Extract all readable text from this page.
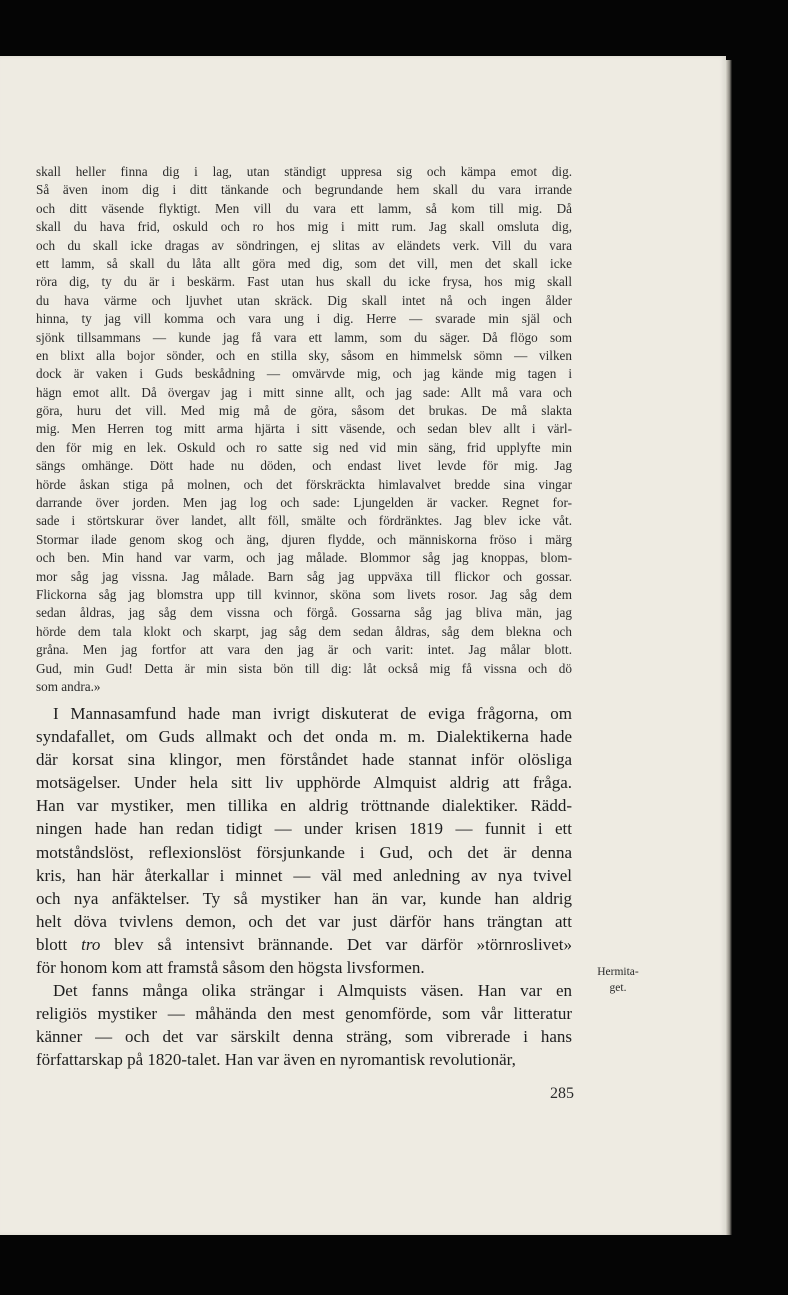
skall heller finna dig i lag, utan ständigt uppresa sig och kämpa emot dig.
Så även inom dig i ditt tänkande och begrundande hem skall du vara irrande
och ditt väsende flyktigt. Men vill du vara ett lamm, så kom till mig. Då
skall du hava frid, oskuld och ro hos mig i mitt rum. Jag skall omsluta dig,
och du skall icke dragas av söndringen, ej slitas av eländets verk. Vill du vara
ett lamm, så skall du låta allt göra med dig, som det vill, men det skall icke
röra dig, ty du är i beskärm. Fast utan hus skall du icke frysa, hos mig skall
du hava värme och ljuvhet utan skräck. Dig skall intet nå och ingen ålder
hinna, ty jag vill komma och vara ung i dig. Herre — svarade min själ och
sjönk tillsammans — kunde jag få vara ett lamm, som du säger. Då flögo som
en blixt alla bojor sönder, och en stilla sky, såsom en himmelsk sömn — vilken
dock är vaken i Guds beskådning — omvärvde mig, och jag kände mig tagen i
hägn emot allt. Då övergav jag i mitt sinne allt, och jag sade: Allt må vara och
göra, huru det vill. Med mig må de göra, såsom det brukas. De må slakta
mig. Men Herren tog mitt arma hjärta i sitt väsende, och sedan blev allt i värl-
den för mig en lek. Oskuld och ro satte sig ned vid min säng, frid upplyfte min
sängs omhänge. Dött hade nu döden, och endast livet levde för mig. Jag
hörde åskan stiga på molnen, och det förskräckta himlavalvet bredde sina vingar
darrande över jorden. Men jag log och sade: Ljungelden är vacker. Regnet for-
sade i störtskurar över landet, allt föll, smälte och fördränktes. Jag blev icke våt.
Stormar ilade genom skog och äng, djuren flydde, och människorna fröso i märg
och ben. Min hand var varm, och jag målade. Blommor såg jag knoppas, blom-
mor såg jag vissna. Jag målade. Barn såg jag uppväxa till flickor och gossar.
Flickorna såg jag blomstra upp till kvinnor, sköna som livets rosor. Jag såg dem
sedan åldras, jag såg dem vissna och förgå. Gossarna såg jag bliva män, jag
hörde dem tala klokt och skarpt, jag såg dem sedan åldras, såg dem blekna och
gråna. Men jag fortfor att vara den jag är och varit: intet. Jag målar blott.
Gud, min Gud! Detta är min sista bön till dig: låt också mig få vissna och dö
som andra.»
I Mannasamfund hade man ivrigt diskuterat de eviga frågorna, om
syndafallet, om Guds allmakt och det onda m. m. Dialektikerna hade
där korsat sina klingor, men förståndet hade stannat inför olösliga
motsägelser. Under hela sitt liv upphörde Almquist aldrig att fråga.
Han var mystiker, men tillika en aldrig tröttnande dialektiker. Rädd-
ningen hade han redan tidigt — under krisen 1819 — funnit i ett
motståndslöst, reflexionslöst försjunkande i Gud, och det är denna
kris, han här återkallar i minnet — väl med anledning av nya tvivel
och nya anfäktelser. Ty så mystiker han än var, kunde han aldrig
helt döva tvivlens demon, och det var just därför hans trängtan att
blott tro blev så intensivt brännande. Det var därför »törnroslivet»
för honom kom att framstå såsom den högsta livsformen.
Det fanns många olika strängar i Almquists väsen. Han var en
religiös mystiker — måhända den mest genomförde, som vår litteratur
känner — och det var särskilt denna sträng, som vibrerade i hans
författarskap på 1820-talet. Han var även en nyromantisk revolutionär,
Hermita-
get.
285
